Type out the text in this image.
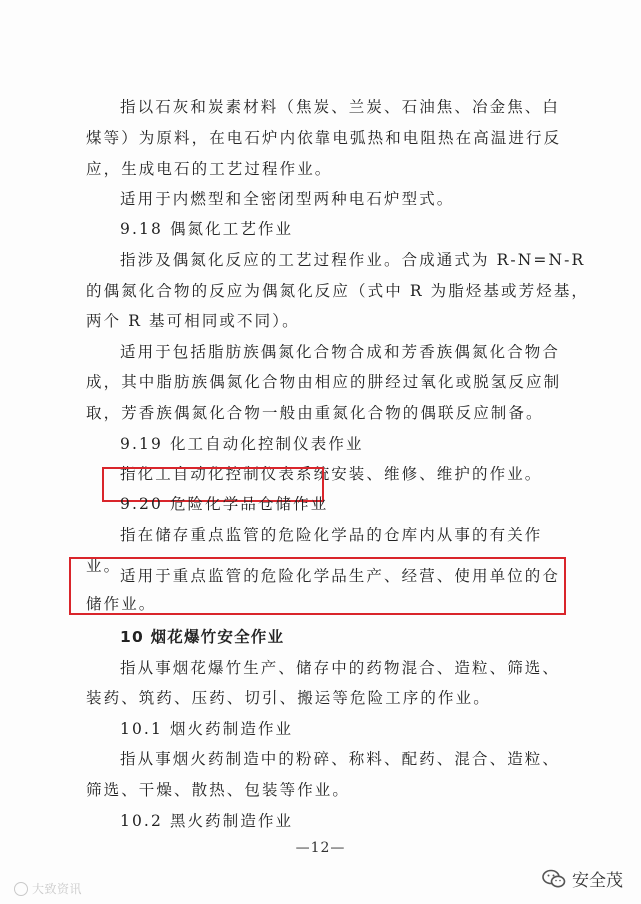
指以石灰和炭素材料（焦炭、兰炭、石油焦、冶金焦、白
煤等）为原料，在电石炉内依靠电弧热和电阻热在高温进行反
应，生成电石的工艺过程作业。
适用于内燃型和全密闭型两种电石炉型式。
9.18 偶氮化工艺作业
指涉及偶氮化反应的工艺过程作业。合成通式为 R-N=N-R
的偶氮化合物的反应为偶氮化反应（式中 R 为脂烃基或芳烃基，
两个 R 基可相同或不同）。
适用于包括脂肪族偶氮化合物合成和芳香族偶氮化合物合
成，其中脂肪族偶氮化合物由相应的肼经过氧化或脱氢反应制
取，芳香族偶氮化合物一般由重氮化合物的偶联反应制备。
9.19 化工自动化控制仪表作业
指化工自动化控制仪表系统安装、维修、维护的作业。
9.20 危险化学品仓储作业
指在储存重点监管的危险化学品的仓库内从事的有关作
业。
适用于重点监管的危险化学品生产、经营、使用单位的仓
储作业。
10 烟花爆竹安全作业
指从事烟花爆竹生产、储存中的药物混合、造粒、筛选、
装药、筑药、压药、切引、搬运等危险工序的作业。
10.1 烟火药制造作业
指从事烟火药制造中的粉碎、称料、配药、混合、造粒、
筛选、干燥、散热、包装等作业。
10.2 黑火药制造作业
—12—
大致资讯	安全茂
